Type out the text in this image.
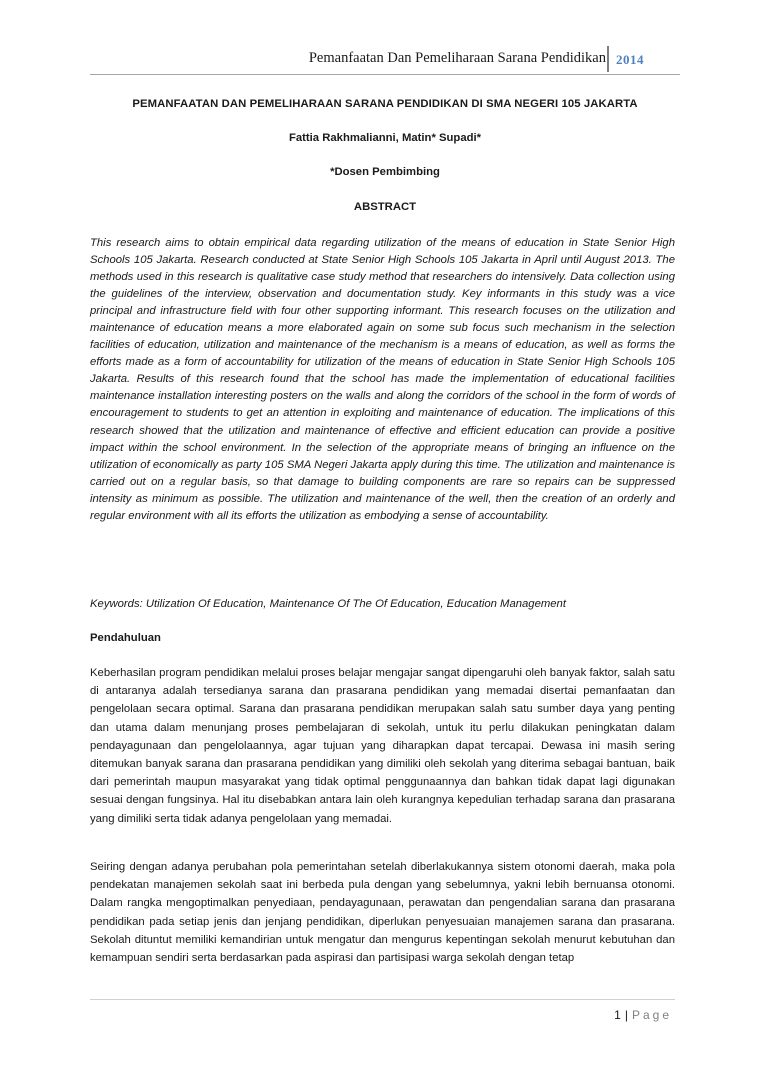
Pemanfaatan Dan Pemeliharaan Sarana Pendidikan 2014
PEMANFAATAN DAN PEMELIHARAAN SARANA PENDIDIKAN DI SMA NEGERI 105 JAKARTA
Fattia Rakhmalianni, Matin* Supadi*
*Dosen Pembimbing
ABSTRACT
This research aims to obtain empirical data regarding utilization of the means of education in State Senior High Schools 105 Jakarta. Research conducted at State Senior High Schools 105 Jakarta in April until August 2013. The methods used in this research is qualitative case study method that researchers do intensively. Data collection using the guidelines of the interview, observation and documentation study. Key informants in this study was a vice principal and infrastructure field with four other supporting informant. This research focuses on the utilization and maintenance of education means a more elaborated again on some sub focus such mechanism in the selection facilities of education, utilization and maintenance of the mechanism is a means of education, as well as forms the efforts made as a form of accountability for utilization of the means of education in State Senior High Schools 105 Jakarta. Results of this research found that the school has made the implementation of educational facilities maintenance installation interesting posters on the walls and along the corridors of the school in the form of words of encouragement to students to get an attention in exploiting and maintenance of education. The implications of this research showed that the utilization and maintenance of effective and efficient education can provide a positive impact within the school environment. In the selection of the appropriate means of bringing an influence on the utilization of economically as party 105 SMA Negeri Jakarta apply during this time. The utilization and maintenance is carried out on a regular basis, so that damage to building components are rare so repairs can be suppressed intensity as minimum as possible. The utilization and maintenance of the well, then the creation of an orderly and regular environment with all its efforts the utilization as embodying a sense of accountability.
Keywords: Utilization Of Education, Maintenance Of The Of Education, Education Management
Pendahuluan
Keberhasilan program pendidikan melalui proses belajar mengajar sangat dipengaruhi oleh banyak faktor, salah satu di antaranya adalah tersedianya sarana dan prasarana pendidikan yang memadai disertai pemanfaatan dan pengelolaan secara optimal. Sarana dan prasarana pendidikan merupakan salah satu sumber daya yang penting dan utama dalam menunjang proses pembelajaran di sekolah, untuk itu perlu dilakukan peningkatan dalam pendayagunaan dan pengelolaannya, agar tujuan yang diharapkan dapat tercapai. Dewasa ini masih sering ditemukan banyak sarana dan prasarana pendidikan yang dimiliki oleh sekolah yang diterima sebagai bantuan, baik dari pemerintah maupun masyarakat yang tidak optimal penggunaannya dan bahkan tidak dapat lagi digunakan sesuai dengan fungsinya. Hal itu disebabkan antara lain oleh kurangnya kepedulian terhadap sarana dan prasarana yang dimiliki serta tidak adanya pengelolaan yang memadai.
Seiring dengan adanya perubahan pola pemerintahan setelah diberlakukannya sistem otonomi daerah, maka pola pendekatan manajemen sekolah saat ini berbeda pula dengan yang sebelumnya, yakni lebih bernuansa otonomi. Dalam rangka mengoptimalkan penyediaan, pendayagunaan, perawatan dan pengendalian sarana dan prasarana pendidikan pada setiap jenis dan jenjang pendidikan, diperlukan penyesuaian manajemen sarana dan prasarana. Sekolah dituntut memiliki kemandirian untuk mengatur dan mengurus kepentingan sekolah menurut kebutuhan dan kemampuan sendiri serta berdasarkan pada aspirasi dan partisipasi warga sekolah dengan tetap
1 | Page
